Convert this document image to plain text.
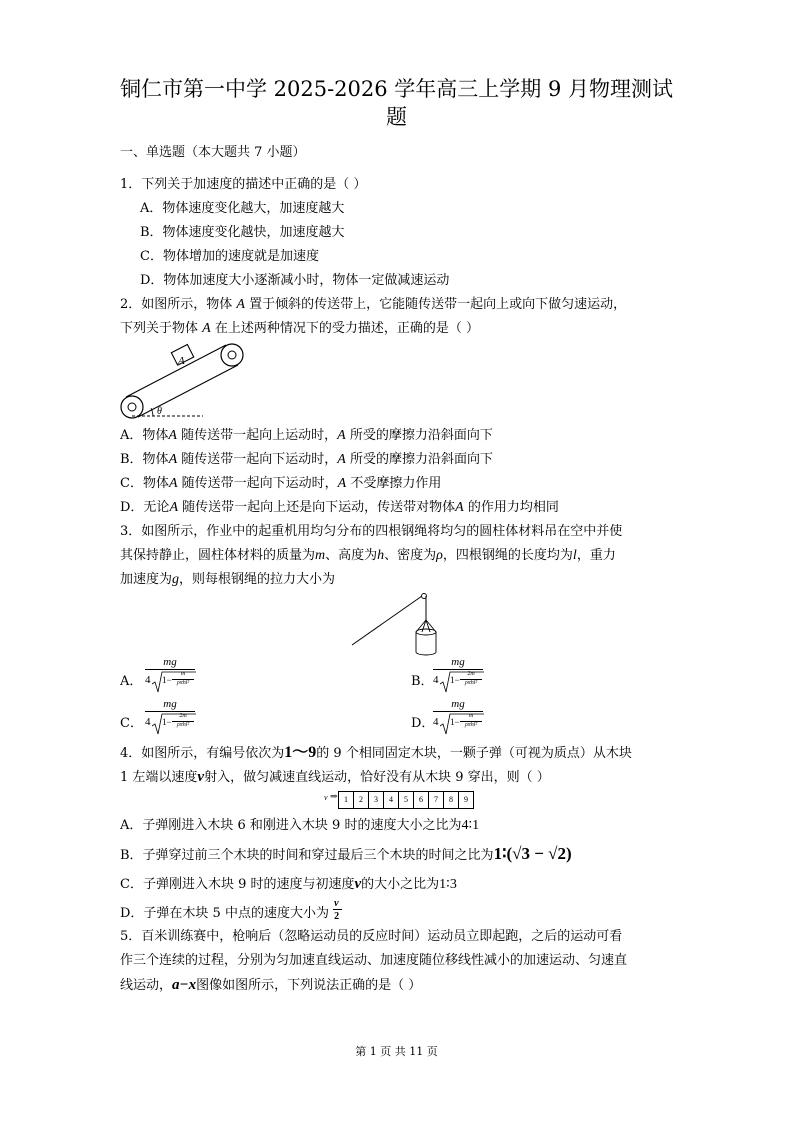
铜仁市第一中学 2025-2026 学年高三上学期 9 月物理测试
题
一、单选题（本大题共 7 小题）
1．下列关于加速度的描述中正确的是（ ）
A．物体速度变化越大，加速度越大
B．物体速度变化越快，加速度越大
C．物体增加的速度就是加速度
D．物体加速度大小逐渐减小时，物体一定做减速运动
2．如图所示，物体 A 置于倾斜的传送带上，它能随传送带一起向上或向下做匀速运动，
下列关于物体 A 在上述两种情况下的受力描述，正确的是（ ）
A
θ
A．物体A 随传送带一起向上运动时，A 所受的摩擦力沿斜面向下
B．物体A 随传送带一起向下运动时，A 所受的摩擦力沿斜面向下
C．物体A 随传送带一起向下运动时，A 不受摩擦力作用
D．无论A 随传送带一起向上还是向下运动，传送带对物体A 的作用力均相同
3．如图所示，作业中的起重机用均匀分布的四根钢绳将均匀的圆柱体材料吊在空中并使
其保持静止，圆柱体材料的质量为m、高度为h、密度为ρ，四根钢绳的长度均为l，重力
加速度为g，则每根钢绳的拉力大小为
A．
mg
4 1−
m
ρπhl²	B．
mg
4 1−
2m
ρπhl²
C．
mg
4 1−
2m
ρπhl²	D．
mg
4 1−
m
ρπhl²
4．如图所示，有编号依次为1～9的 9 个相同固定木块，一颗子弹（可视为质点）从木块
1 左端以速度v射入，做匀减速直线运动，恰好没有从木块 9 穿出，则（ ）
v ⇒ 1	2	3	4	5	6	7	8	9
A．子弹刚进入木块 6 和刚进入木块 9 时的速度大小之比为4∶1
B．子弹穿过前三个木块的时间和穿过最后三个木块的时间之比为1∶(√3 − √2)
C．子弹刚进入木块 9 时的速度与初速度v的大小之比为1∶3
D．子弹在木块 5 中点的速度大小为 $\frac{v}{2}$
5．百米训练赛中，枪响后（忽略运动员的反应时间）运动员立即起跑，之后的运动可看
作三个连续的过程，分别为匀加速直线运动、加速度随位移线性减小的加速运动、匀速直
线运动，a−x图像如图所示，下列说法正确的是（ ）
第 1 页 共 11 页
